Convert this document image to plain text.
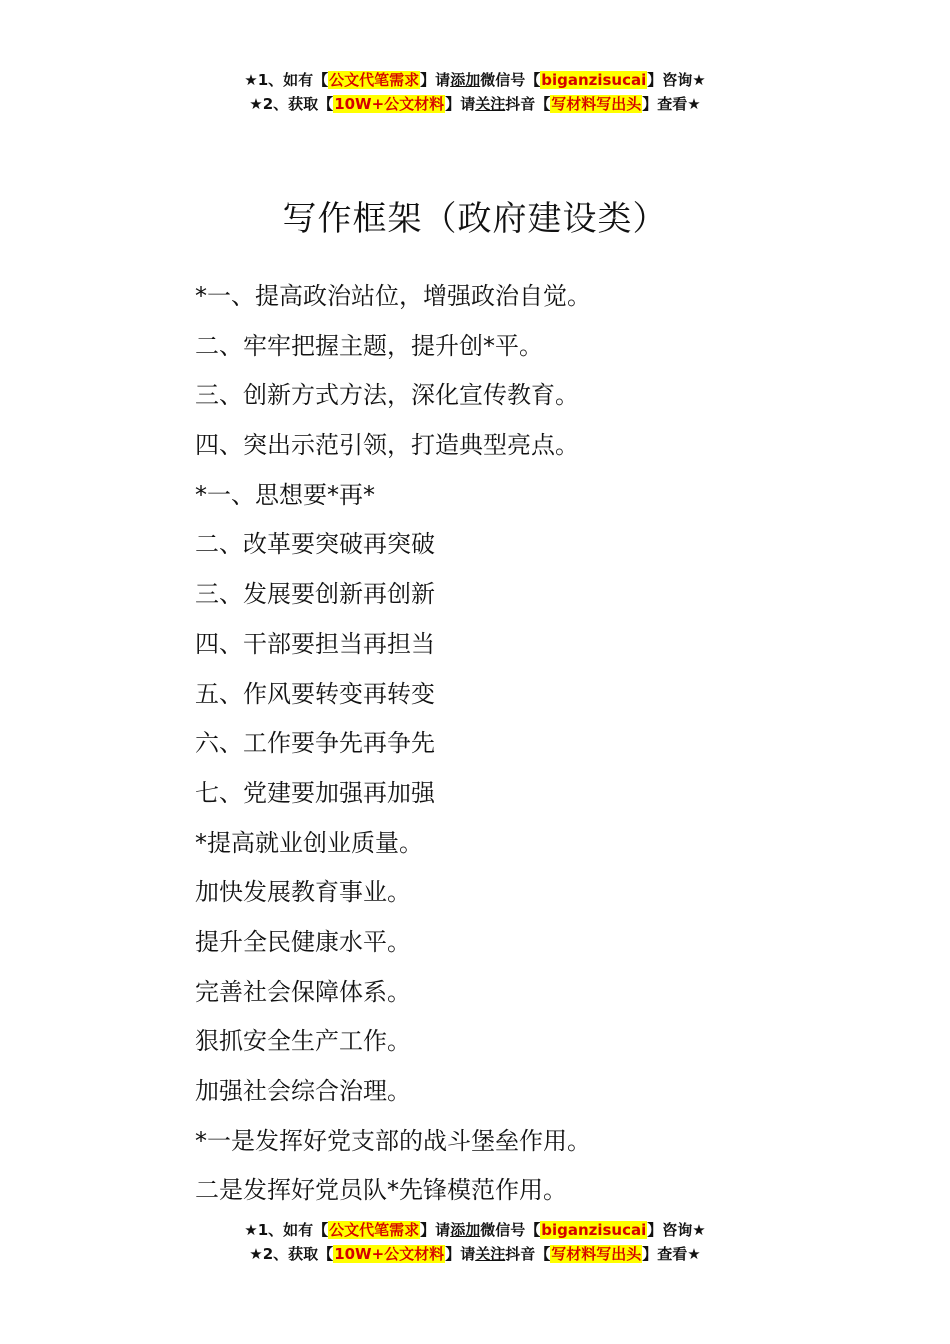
★1、如有【公文代笔需求】请添加微信号【biganzisucai】咨询★
★2、获取【10W+公文材料】请关注抖音【写材料写出头】查看★
写作框架（政府建设类）
*一、提高政治站位，增强政治自觉。
二、牢牢把握主题，提升创*平。
三、创新方式方法，深化宣传教育。
四、突出示范引领，打造典型亮点。
*一、思想要*再*
二、改革要突破再突破
三、发展要创新再创新
四、干部要担当再担当
五、作风要转变再转变
六、工作要争先再争先
七、党建要加强再加强
*提高就业创业质量。
加快发展教育事业。
提升全民健康水平。
完善社会保障体系。
狠抓安全生产工作。
加强社会综合治理。
*一是发挥好党支部的战斗堡垒作用。
二是发挥好党员队*先锋模范作用。
★1、如有【公文代笔需求】请添加微信号【biganzisucai】咨询★
★2、获取【10W+公文材料】请关注抖音【写材料写出头】查看★
